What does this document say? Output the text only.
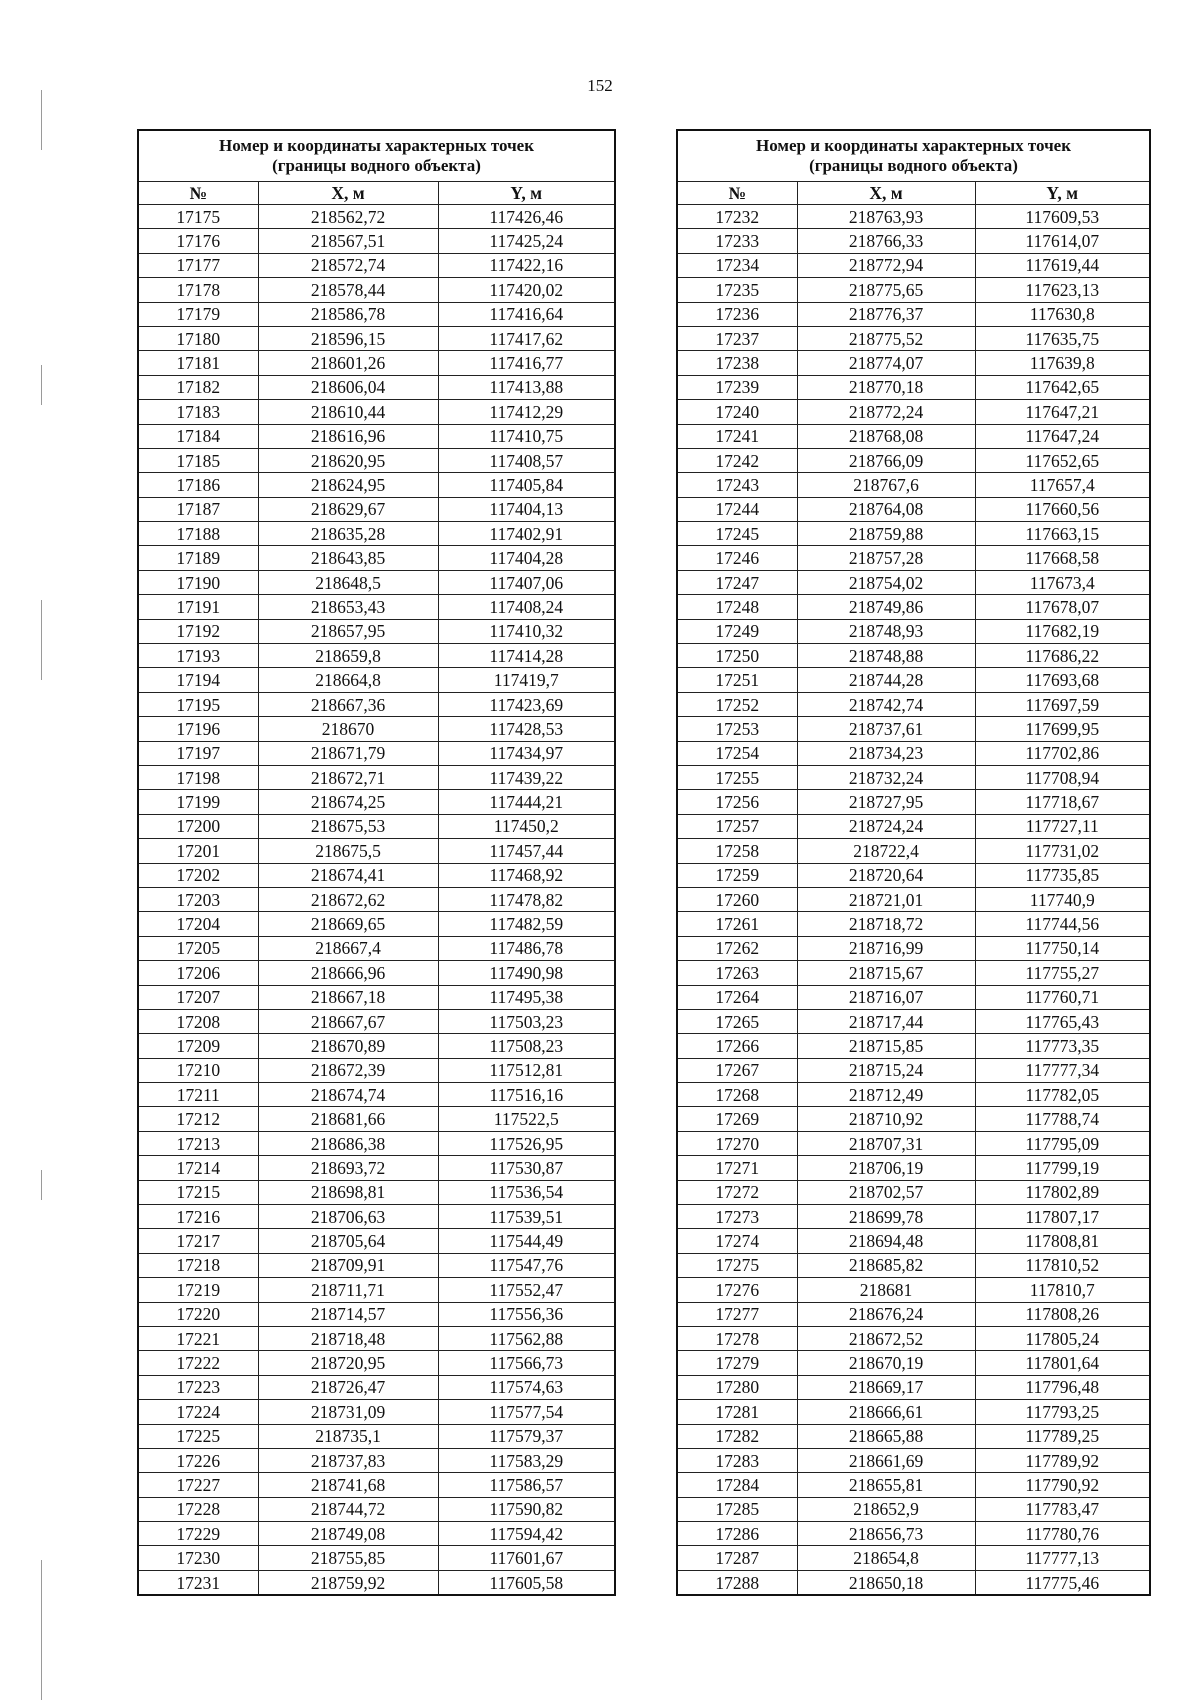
152
Номер и координаты характерных точек
(границы водного объекта)		
№	X, м	Y, м
17175	218562,72	117426,46
17176	218567,51	117425,24
17177	218572,74	117422,16
17178	218578,44	117420,02
17179	218586,78	117416,64
17180	218596,15	117417,62
17181	218601,26	117416,77
17182	218606,04	117413,88
17183	218610,44	117412,29
17184	218616,96	117410,75
17185	218620,95	117408,57
17186	218624,95	117405,84
17187	218629,67	117404,13
17188	218635,28	117402,91
17189	218643,85	117404,28
17190	218648,5	117407,06
17191	218653,43	117408,24
17192	218657,95	117410,32
17193	218659,8	117414,28
17194	218664,8	117419,7
17195	218667,36	117423,69
17196	218670	117428,53
17197	218671,79	117434,97
17198	218672,71	117439,22
17199	218674,25	117444,21
17200	218675,53	117450,2
17201	218675,5	117457,44
17202	218674,41	117468,92
17203	218672,62	117478,82
17204	218669,65	117482,59
17205	218667,4	117486,78
17206	218666,96	117490,98
17207	218667,18	117495,38
17208	218667,67	117503,23
17209	218670,89	117508,23
17210	218672,39	117512,81
17211	218674,74	117516,16
17212	218681,66	117522,5
17213	218686,38	117526,95
17214	218693,72	117530,87
17215	218698,81	117536,54
17216	218706,63	117539,51
17217	218705,64	117544,49
17218	218709,91	117547,76
17219	218711,71	117552,47
17220	218714,57	117556,36
17221	218718,48	117562,88
17222	218720,95	117566,73
17223	218726,47	117574,63
17224	218731,09	117577,54
17225	218735,1	117579,37
17226	218737,83	117583,29
17227	218741,68	117586,57
17228	218744,72	117590,82
17229	218749,08	117594,42
17230	218755,85	117601,67
17231	218759,92	117605,58
Номер и координаты характерных точек
(границы водного объекта)		
№	X, м	Y, м
17232	218763,93	117609,53
17233	218766,33	117614,07
17234	218772,94	117619,44
17235	218775,65	117623,13
17236	218776,37	117630,8
17237	218775,52	117635,75
17238	218774,07	117639,8
17239	218770,18	117642,65
17240	218772,24	117647,21
17241	218768,08	117647,24
17242	218766,09	117652,65
17243	218767,6	117657,4
17244	218764,08	117660,56
17245	218759,88	117663,15
17246	218757,28	117668,58
17247	218754,02	117673,4
17248	218749,86	117678,07
17249	218748,93	117682,19
17250	218748,88	117686,22
17251	218744,28	117693,68
17252	218742,74	117697,59
17253	218737,61	117699,95
17254	218734,23	117702,86
17255	218732,24	117708,94
17256	218727,95	117718,67
17257	218724,24	117727,11
17258	218722,4	117731,02
17259	218720,64	117735,85
17260	218721,01	117740,9
17261	218718,72	117744,56
17262	218716,99	117750,14
17263	218715,67	117755,27
17264	218716,07	117760,71
17265	218717,44	117765,43
17266	218715,85	117773,35
17267	218715,24	117777,34
17268	218712,49	117782,05
17269	218710,92	117788,74
17270	218707,31	117795,09
17271	218706,19	117799,19
17272	218702,57	117802,89
17273	218699,78	117807,17
17274	218694,48	117808,81
17275	218685,82	117810,52
17276	218681	117810,7
17277	218676,24	117808,26
17278	218672,52	117805,24
17279	218670,19	117801,64
17280	218669,17	117796,48
17281	218666,61	117793,25
17282	218665,88	117789,25
17283	218661,69	117789,92
17284	218655,81	117790,92
17285	218652,9	117783,47
17286	218656,73	117780,76
17287	218654,8	117777,13
17288	218650,18	117775,46
